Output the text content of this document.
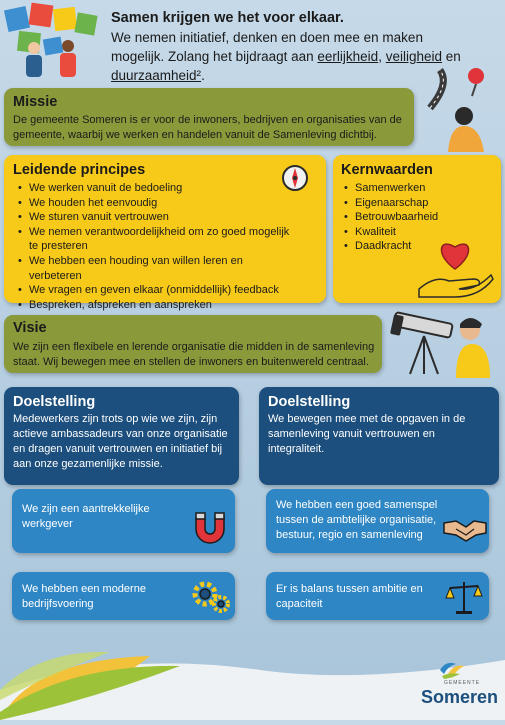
Samen krijgen we het voor elkaar.
We nemen initiatief, denken en doen mee en maken
mogelijk. Zolang het bijdraagt aan eerlijkheid, veiligheid en
duurzaamheid².
Missie
De gemeente Someren is er voor de inwoners, bedrijven en organisaties van de gemeente, waarbij we werken en handelen vanuit de Samenleving dichtbij.
Leidende principes
• We werken vanuit de bedoeling
• We houden het eenvoudig
• We sturen vanuit vertrouwen
• We nemen verantwoordelijkheid om zo goed mogelijk te presteren
• We hebben een houding van willen leren en verbeteren
• We vragen en geven elkaar (onmiddellijk) feedback
• Bespreken, afspreken en aanspreken
Kernwaarden
• Samenwerken
• Eigenaarschap
• Betrouwbaarheid
• Kwaliteit
• Daadkracht
Visie
We zijn een flexibele en lerende organisatie die midden in de samenleving staat. Wij bewegen mee en stellen de inwoners en buitenwereld centraal.
Doelstelling
Medewerkers zijn trots op wie we zijn, zijn actieve ambassadeurs van onze organisatie en dragen vanuit vertrouwen en initiatief bij aan onze gezamenlijke missie.
Doelstelling
We bewegen mee met de opgaven in de samenleving vanuit vertrouwen en integraliteit.
We zijn een aantrekkelijke werkgever
We hebben een moderne bedrijfsvoering
We hebben een goed samenspel tussen de ambtelijke organisatie, bestuur, regio en samenleving
Er is balans tussen ambitie en capaciteit
GEMEENTE
Someren
